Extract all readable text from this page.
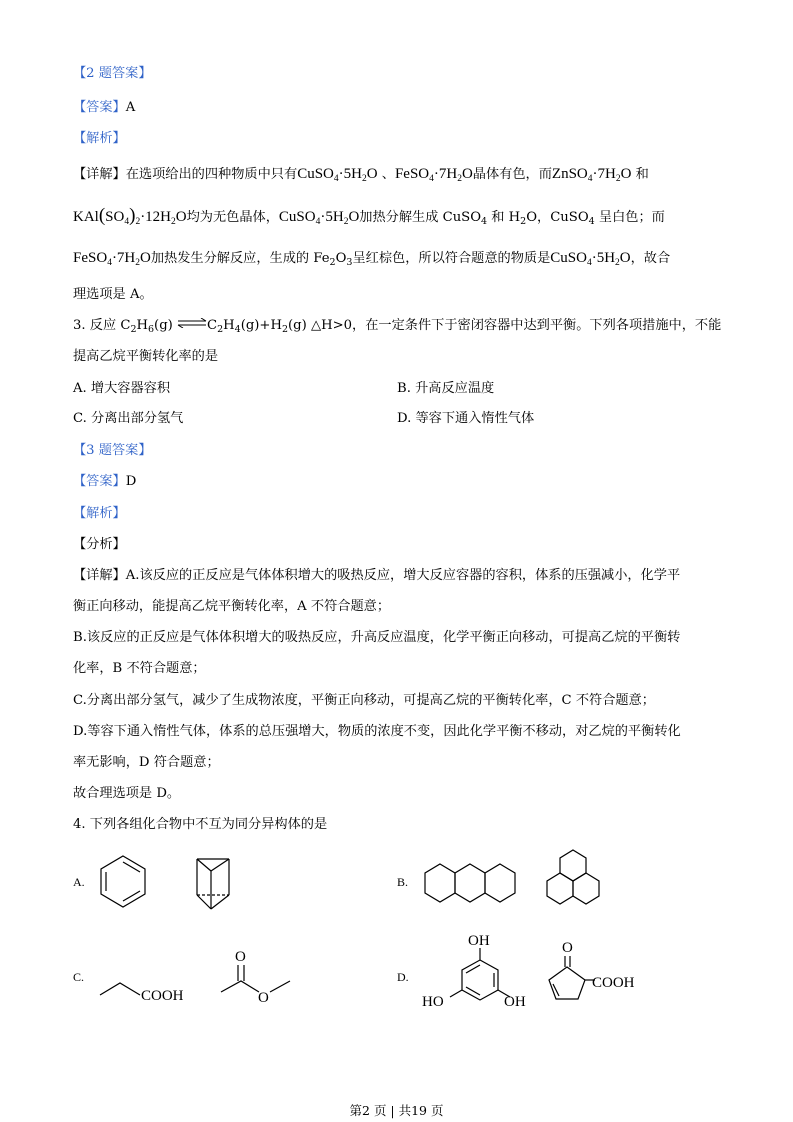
【2 题答案】
【答案】A
【解析】
【详解】在选项给出的四种物质中只有$CuSO_4\cdot 5H_2O$ 、$FeSO_4\cdot 7H_2O$晶体有色，而$ZnSO_4\cdot 7H_2O$ 和
$KAl(SO_4)_2\cdot 12H_2O$均为无色晶体，$CuSO_4\cdot 5H_2O$加热分解生成 CuSO$_4$ 和 $H_2O$，CuSO$_4$ 呈白色；而
$FeSO_4\cdot 7H_2O$加热发生分解反应，生成的 $Fe_2O_3$呈红棕色，所以符合题意的物质是$CuSO_4\cdot 5H_2O$，故合
理选项是 A。
3. 反应 $C_2H_6(g)$ $\rightleftharpoons C_2H_4(g)+H_2(g)$ △H>0，在一定条件下于密闭容器中达到平衡。下列各项措施中，不能
提高乙烷平衡转化率的是
A. 增大容器容积	B. 升高反应温度
C. 分离出部分氢气	D. 等容下通入惰性气体
【3 题答案】
【答案】D
【解析】
【分析】
【详解】A.该反应的正反应是气体体积增大的吸热反应，增大反应容器的容积，体系的压强减小，化学平
衡正向移动，能提高乙烷平衡转化率，A 不符合题意；
B.该反应的正反应是气体体积增大的吸热反应，升高反应温度，化学平衡正向移动，可提高乙烷的平衡转
化率，B 不符合题意；
C.分离出部分氢气，减少了生成物浓度，平衡正向移动，可提高乙烷的平衡转化率，C 不符合题意；
D.等容下通入惰性气体，体系的总压强增大，物质的浓度不变，因此化学平衡不移动，对乙烷的平衡转化
率无影响，D 符合题意；
故合理选项是 D。
4. 下列各组化合物中不互为同分异构体的是
A.	B.
C.	D.
COOH
O
O
OH
HO	OH
O
COOH
第2 页 | 共19 页
